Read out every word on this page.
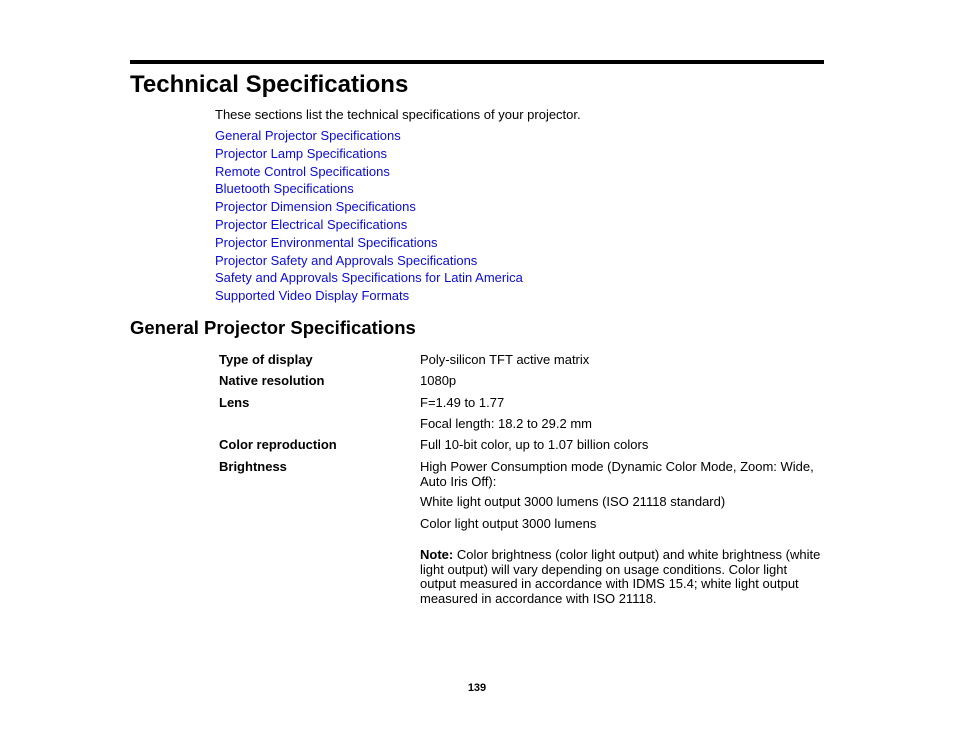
Technical Specifications

These sections list the technical specifications of your projector.

General Projector Specifications
Projector Lamp Specifications
Remote Control Specifications
Bluetooth Specifications
Projector Dimension Specifications
Projector Electrical Specifications
Projector Environmental Specifications
Projector Safety and Approvals Specifications
Safety and Approvals Specifications for Latin America
Supported Video Display Formats
General Projector Specifications
Type of display	Poly-silicon TFT active matrix
Native resolution	1080p
Lens	F=1.49 to 1.77
Focal length: 18.2 to 29.2 mm
Color reproduction	Full 10-bit color, up to 1.07 billion colors
Brightness	High Power Consumption mode (Dynamic Color Mode, Zoom: Wide, Auto Iris Off):
White light output 3000 lumens (ISO 21118 standard)
Color light output 3000 lumens
Note: Color brightness (color light output) and white brightness (white light output) will vary depending on usage conditions. Color light output measured in accordance with IDMS 15.4; white light output measured in accordance with ISO 21118.
139
